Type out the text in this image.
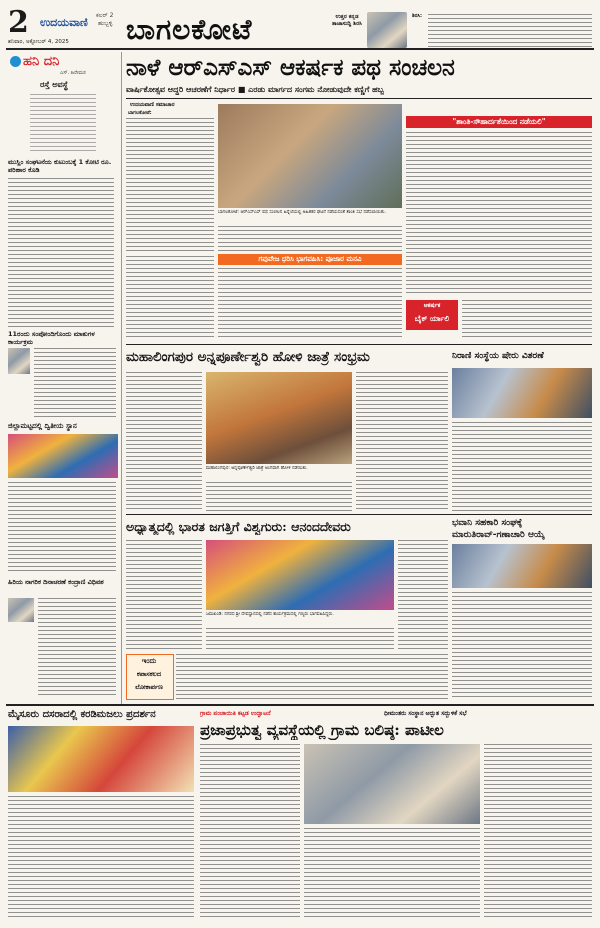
2	ಕಲರ್ 2
ಉದಯವಾಣಿ ಹುಬ್ಬಳ್ಳಿ
ಶನಿವಾರ, ಅಕ್ಟೋಬರ್ 4, 2025 ಬಾಗಲಕೋಟೆ	ಉತ್ತರ ಕನ್ನಡ ತಾಜಾಸುದ್ದಿ ಶಿರಸಿ
ಶಿರಸಿ:
ಹನಿ ದನಿ
ಎಸ್. ಹಿರೇಮಠ
ರಸ್ತೆ ಅವಸ್ಥೆ
ಮುಸ್ಲಿಂ ಸಂಘಟನೆಯ ಕುಟುಂಬಕ್ಕೆ 1 ಕೋಟಿ ರೂ. ಪರಿಹಾರ ಕೊಡಿ
11ರಂದು ಸಂಪೋಂದಿಗೊಂದು ಮಾತುಗಳ ಕಾರ್ಯಕ್ರಮ
ಜಿಲ್ಲಾಮಟ್ಟದಲ್ಲಿ ದ್ವಿತೀಯ ಸ್ಥಾನ
ಹಿರಿಯ ನಾಗರಿಕ ದಿನಾಚರಣೆ ಕಂದ್ರಾಣಿ ವಿಧಿವಶ
ನಾಳೆ ಆರ್‌ಎಸ್‌ಎಸ್ ಆಕರ್ಷಕ ಪಥ ಸಂಚಲನ
ವಾರ್ಷಿಕೋತ್ಸವ ಆದ್ದರಿ ಆಚರಣೆಗೆ ನಿರ್ಧಾರ ■ ಎರಡು ಮಾರ್ಗದ ಸಂಗಮ ನೋಡುವುದೇ ಕಣ್ಣಿಗೆ ಹಬ್ಬ
ಉದಯವಾಣಿ ಸಮಾಚಾರ
ಬಾಗಲಕೋಟೆ:
ಬಾಗಲಕೋಟೆ: ಆರ್‌ಎಸ್‌ಎಸ್ ಪಥ ಸಂಚಲನ ಹಿನ್ನೆಲೆಯಲ್ಲಿ ಅಹಿತಕರ ಘಟನೆ ನಡೆಯದಂತೆ ಶಾಂತಿ ಸಭೆ ನಡೆಸಲಾಯಿತು.
"ಶಾಂತಿ-ಸೌಹಾರ್ದತೆಯಿಂದ ನಡೆಯಲಿ"
ಗವುವೇಜ ಧರಿಸಿ ಭಾಗವಹಿಸಿ: ಪೂಜಾರ ಮನವಿ
ಆಕರ್ಷಕ
ಬೈಕ್ ರ್ಯಾಲಿ
ಮಹಾಲಿಂಗಪುರ ಅನ್ನಪೂರ್ಣೇಶ್ವರಿ ಹೋಳಿ ಜಾತ್ರೆ ಸಂಭ್ರಮ
ಮಹಾಲಿಂಗಪುರ: ಅನ್ನಪೂರ್ಣೇಶ್ವರಿ ಜಾತ್ರೆ ಅಂಗವಾಗಿ ಹೋಳಿ ನಡೆಯಿತು.
ನಿರಾಣಿ ಸಂಸ್ಥೆಯ ಷೇರು ವಿತರಣೆ
ಅಧ್ಯಾತ್ಮದಲ್ಲಿ ಭಾರತ ಜಗತ್ತಿಗೆ ವಿಶ್ವಗುರು: ಆನಂದದೇವರು
ಜಮಖಂಡಿ: ನಗರದ ಶ್ರೀ ದೇವಸ್ಥಾನದಲ್ಲಿ ನಡೆದ ಕಾರ್ಯಕ್ರಮದಲ್ಲಿ ಗಣ್ಯರು ಭಾಗವಹಿಸಿದ್ದರು.
ಭವಾನಿ ಸಹಕಾರಿ ಸಂಘಕ್ಕೆ
ಮಾರುತಿರಾವ್-ಗಣಾಚಾರಿ ಆಯ್ಕೆ
ಇಂದು
ಕಪಾಸಕಲದ
ಲೋಕಾರ್ಪಣ
ಮೈಸೂರು ದಸರಾದಲ್ಲಿ ಕರಡಿಮಜಲು ಪ್ರದರ್ಶನ	ಗ್ರಾಮ ಪಂಚಾಯಿತಿ ಕಟ್ಟಡ ಉದ್ಘಾಟನೆ	ಧೀಮಂತರು ಸಂಸ್ಥಾನ ಅದ್ಭುತ ಸದ್ಬುಳಿಕೆ ಸಭೆ
ಪ್ರಜಾಪ್ರಭುತ್ವ ವ್ಯವಸ್ಥೆಯಲ್ಲಿ ಗ್ರಾಮ ಬಲಿಷ್ಠ: ಪಾಟೀಲ
